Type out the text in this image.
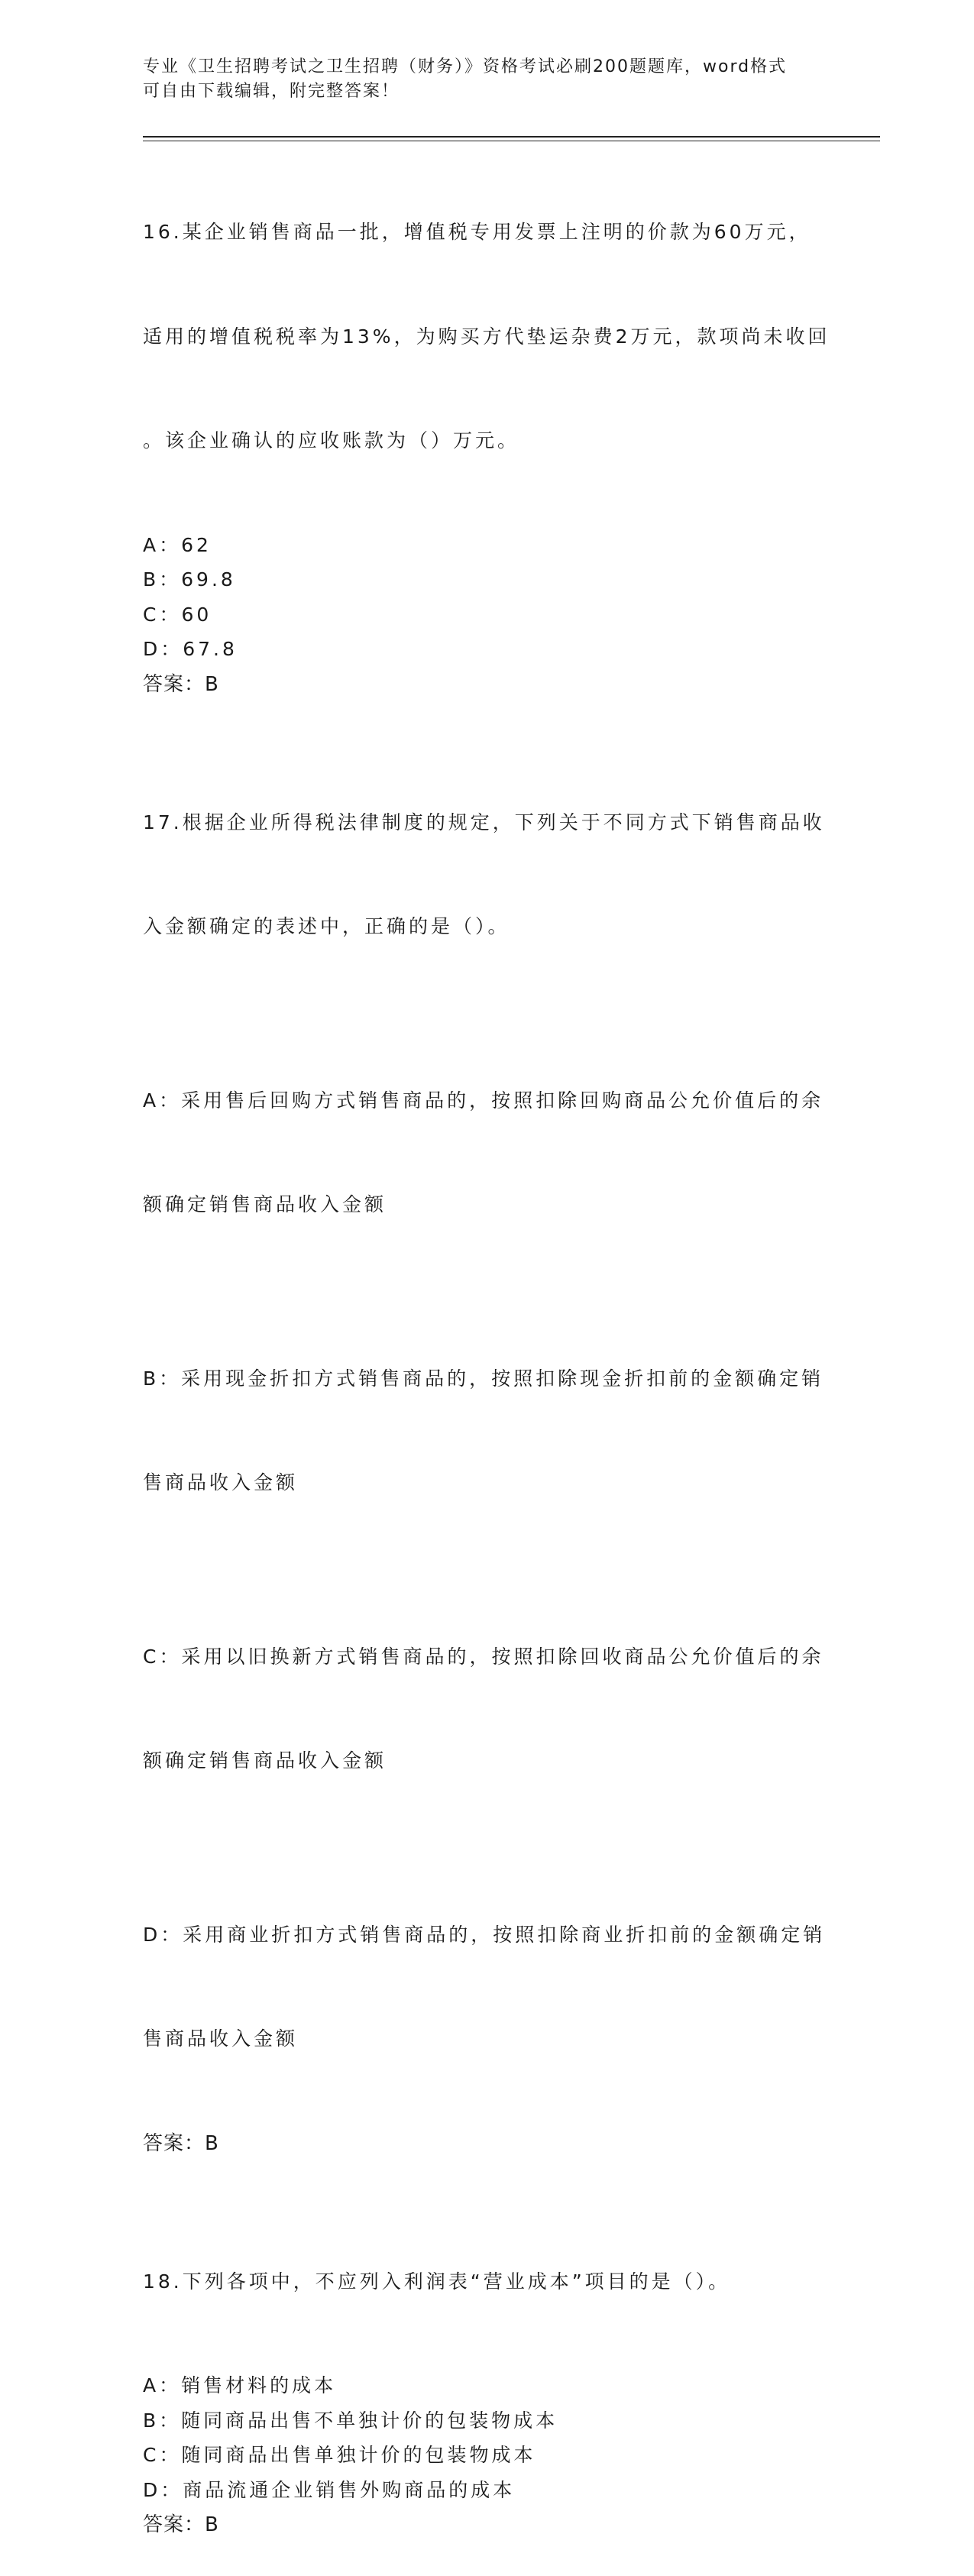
专业《卫生招聘考试之卫生招聘（财务）》资格考试必刷200题题库，word格式
可自由下载编辑，附完整答案！

16.某企业销售商品一批，增值税专用发票上注明的价款为60万元，

适用的增值税税率为13%，为购买方代垫运杂费2万元，款项尚未收回

。该企业确认的应收账款为（）万元。

A：62
B：69.8
C：60
D：67.8
答案：B

17.根据企业所得税法律制度的规定，下列关于不同方式下销售商品收

入金额确定的表述中，正确的是（）。

A：采用售后回购方式销售商品的，按照扣除回购商品公允价值后的余

额确定销售商品收入金额

B：采用现金折扣方式销售商品的，按照扣除现金折扣前的金额确定销

售商品收入金额

C：采用以旧换新方式销售商品的，按照扣除回收商品公允价值后的余

额确定销售商品收入金额

D：采用商业折扣方式销售商品的，按照扣除商业折扣前的金额确定销

售商品收入金额

答案：B

18.下列各项中，不应列入利润表“营业成本”项目的是（）。

A：销售材料的成本
B：随同商品出售不单独计价的包装物成本
C：随同商品出售单独计价的包装物成本
D：商品流通企业销售外购商品的成本
答案：B
